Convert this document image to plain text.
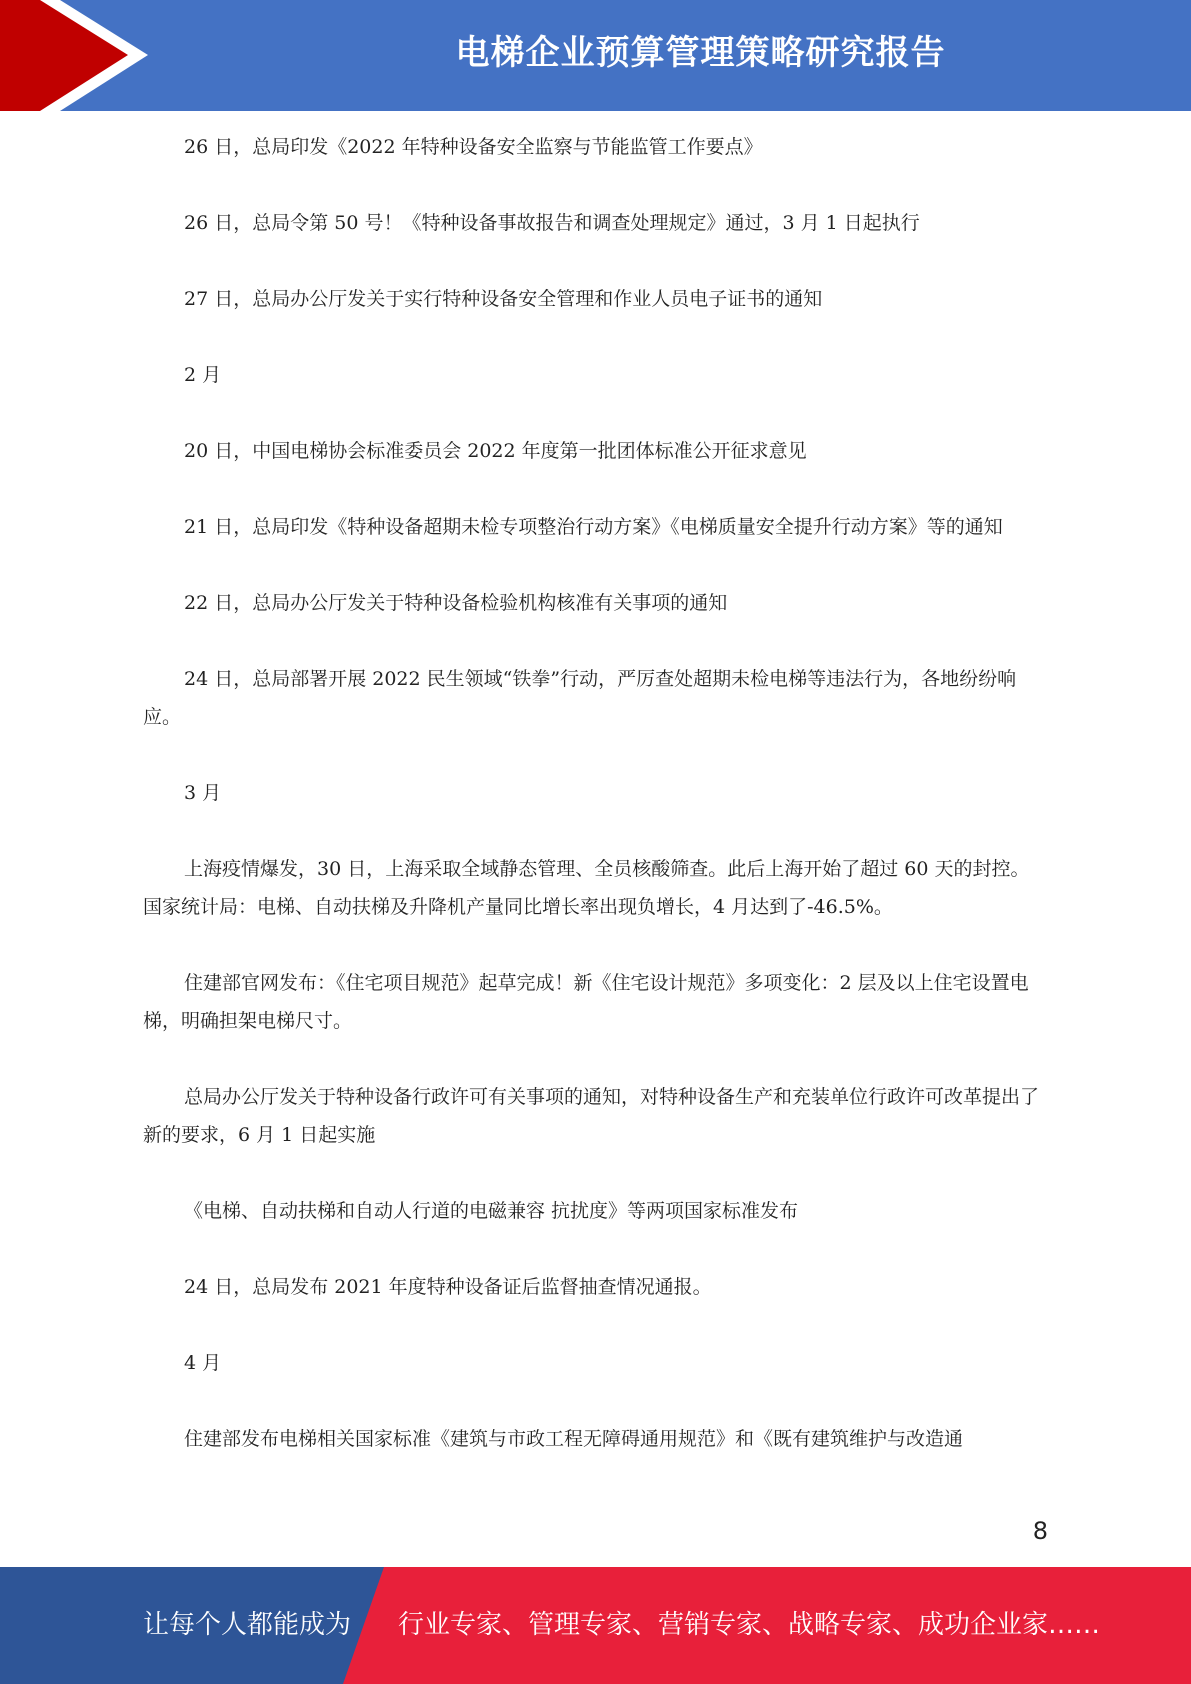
电梯企业预算管理策略研究报告

26 日，总局印发《2022 年特种设备安全监察与节能监管工作要点》

26 日，总局令第 50 号！《特种设备事故报告和调查处理规定》通过，3 月 1 日起执行

27 日，总局办公厅发关于实行特种设备安全管理和作业人员电子证书的通知

2 月

20 日，中国电梯协会标准委员会 2022 年度第一批团体标准公开征求意见

21 日，总局印发《特种设备超期未检专项整治行动方案》《电梯质量安全提升行动方案》等的通知

22 日，总局办公厅发关于特种设备检验机构核准有关事项的通知

24 日，总局部署开展 2022 民生领域“铁拳”行动，严厉查处超期未检电梯等违法行为，各地纷纷响应。

3 月

上海疫情爆发，30 日，上海采取全域静态管理、全员核酸筛查。此后上海开始了超过 60 天的封控。国家统计局：电梯、自动扶梯及升降机产量同比增长率出现负增长，4 月达到了-46.5%。

住建部官网发布：《住宅项目规范》起草完成！新《住宅设计规范》多项变化：2 层及以上住宅设置电梯，明确担架电梯尺寸。

总局办公厅发关于特种设备行政许可有关事项的通知，对特种设备生产和充装单位行政许可改革提出了新的要求，6 月 1 日起实施

《电梯、自动扶梯和自动人行道的电磁兼容 抗扰度》等两项国家标准发布

24 日，总局发布 2021 年度特种设备证后监督抽查情况通报。

4 月

住建部发布电梯相关国家标准《建筑与市政工程无障碍通用规范》和《既有建筑维护与改造通

8
让每个人都能成为 行业专家、管理专家、营销专家、战略专家、成功企业家……
